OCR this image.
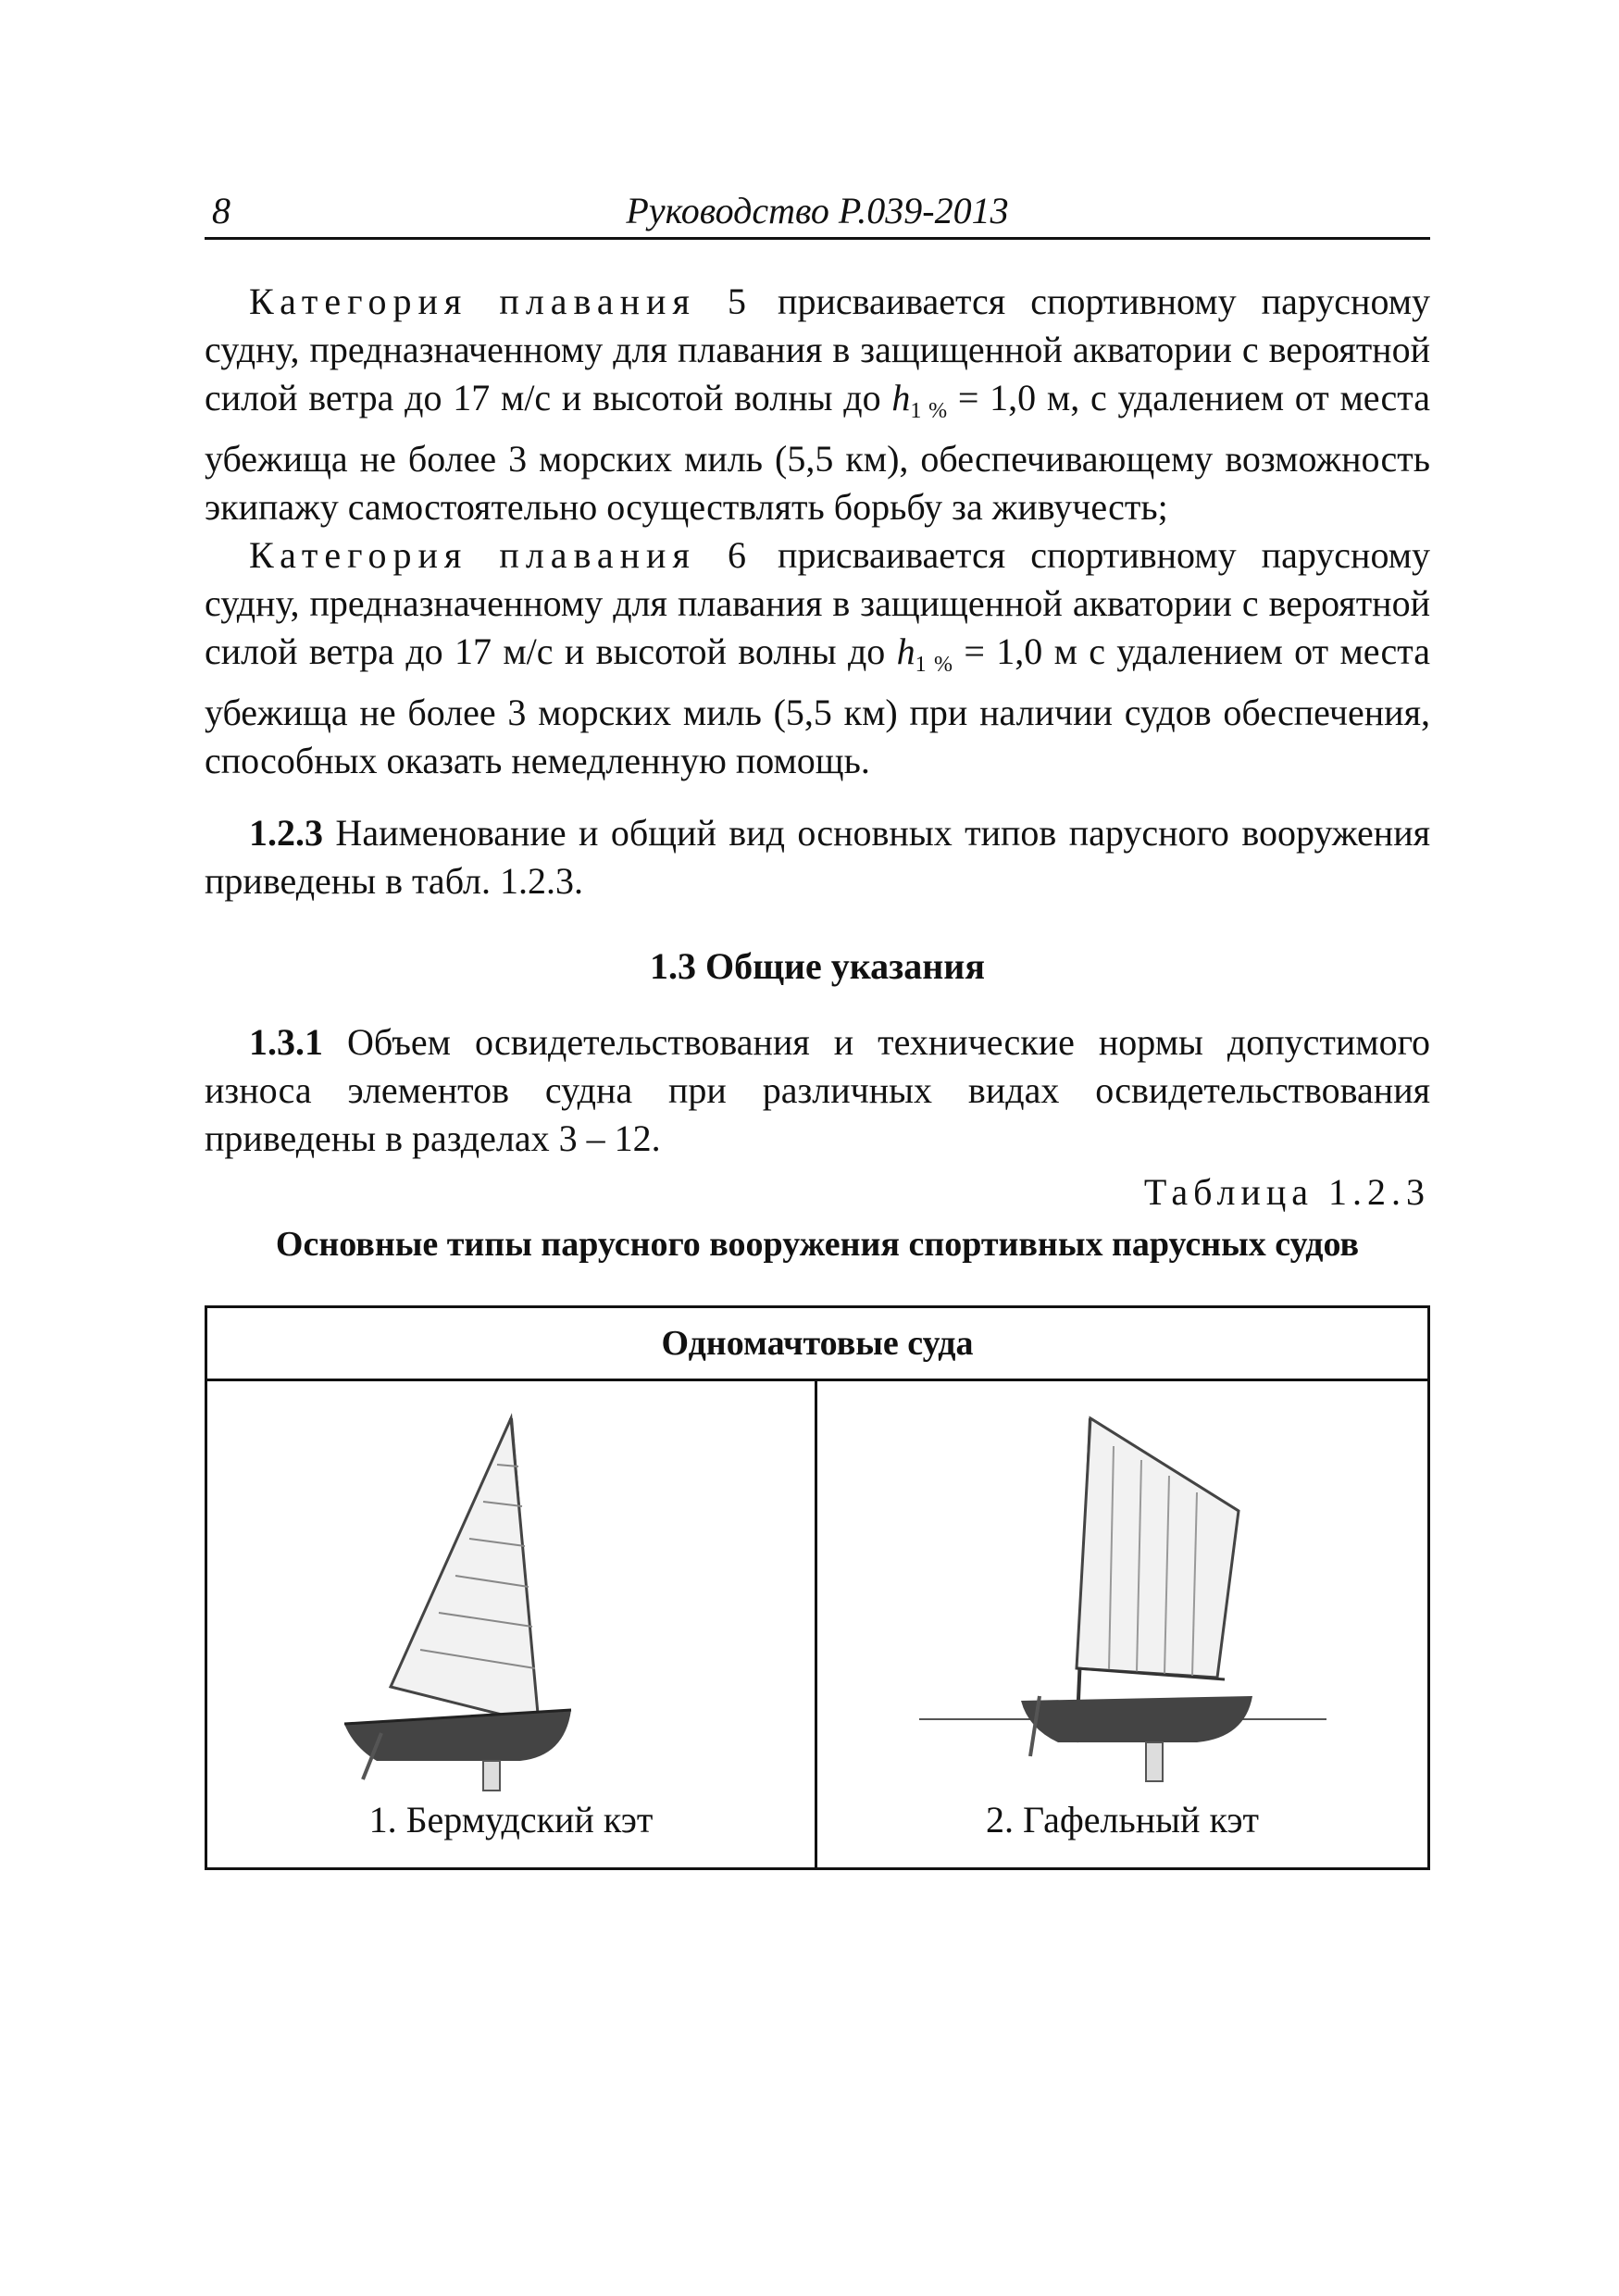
8	Руководство Р.039-2013

Категория плавания 5 присваивается спортивному парусному судну, предназначенному для плавания в защищенной акватории с вероятной силой ветра до 17 м/с и высотой волны до $h_{1 \%} = 1,0$ м, с удалением от места убежища не более 3 морских миль (5,5 км), обеспечивающему возможность экипажу самостоятельно осуществлять борьбу за живучесть;

Категория плавания 6 присваивается спортивному парусному судну, предназначенному для плавания в защищенной акватории с вероятной силой ветра до 17 м/с и высотой волны до $h_{1 \%} = 1,0$ м с удалением от места убежища не более 3 морских миль (5,5 км) при наличии судов обеспечения, способных оказать немедленную помощь.

1.2.3 Наименование и общий вид основных типов парусного вооружения приведены в табл. 1.2.3.

1.3 Общие указания

1.3.1 Объем освидетельствования и технические нормы допустимого износа элементов судна при различных видах освидетельствования приведены в разделах 3 – 12.

Таблица 1.2.3
Основные типы парусного вооружения спортивных парусных судов
Одномачтовые суда
1. Бермудский кэт	2. Гафельный кэт
